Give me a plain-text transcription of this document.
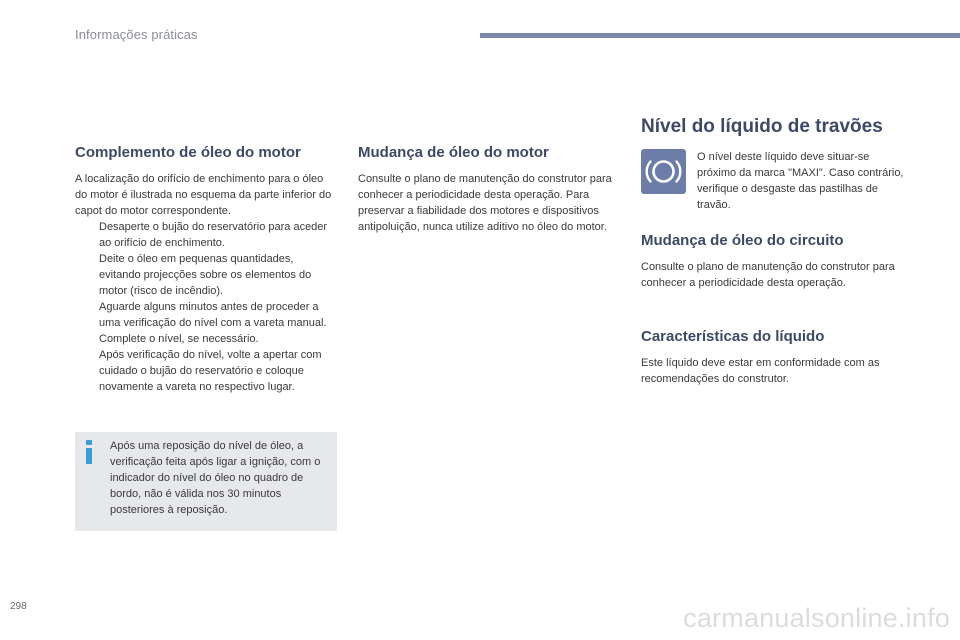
Informações práticas
Complemento de óleo do motor

A localização do orifício de enchimento para o óleo do motor é ilustrada no esquema da parte inferior do capot do motor correspondente.

Desaperte o bujão do reservatório para aceder ao orifício de enchimento.
Deite o óleo em pequenas quantidades, evitando projecções sobre os elementos do motor (risco de incêndio).
Aguarde alguns minutos antes de proceder a uma verificação do nível com a vareta manual.
Complete o nível, se necessário.
Após verificação do nível, volte a apertar com cuidado o bujão do reservatório e coloque novamente a vareta no respectivo lugar.
Após uma reposição do nível de óleo, a verificação feita após ligar a ignição, com o indicador do nível do óleo no quadro de bordo, não é válida nos 30 minutos posteriores à reposição.
Mudança de óleo do motor

Consulte o plano de manutenção do construtor para conhecer a periodicidade desta operação. Para preservar a fiabilidade dos motores e dispositivos antipoluição, nunca utilize aditivo no óleo do motor.

Nível do líquido de travões
O nível deste líquido deve situar-se próximo da marca "MAXI". Caso contrário, verifique o desgaste das pastilhas de travão.
Mudança de óleo do circuito

Consulte o plano de manutenção do construtor para conhecer a periodicidade desta operação.

Características do líquido

Este líquido deve estar em conformidade com as recomendações do construtor.

298	carmanualsonline.info
